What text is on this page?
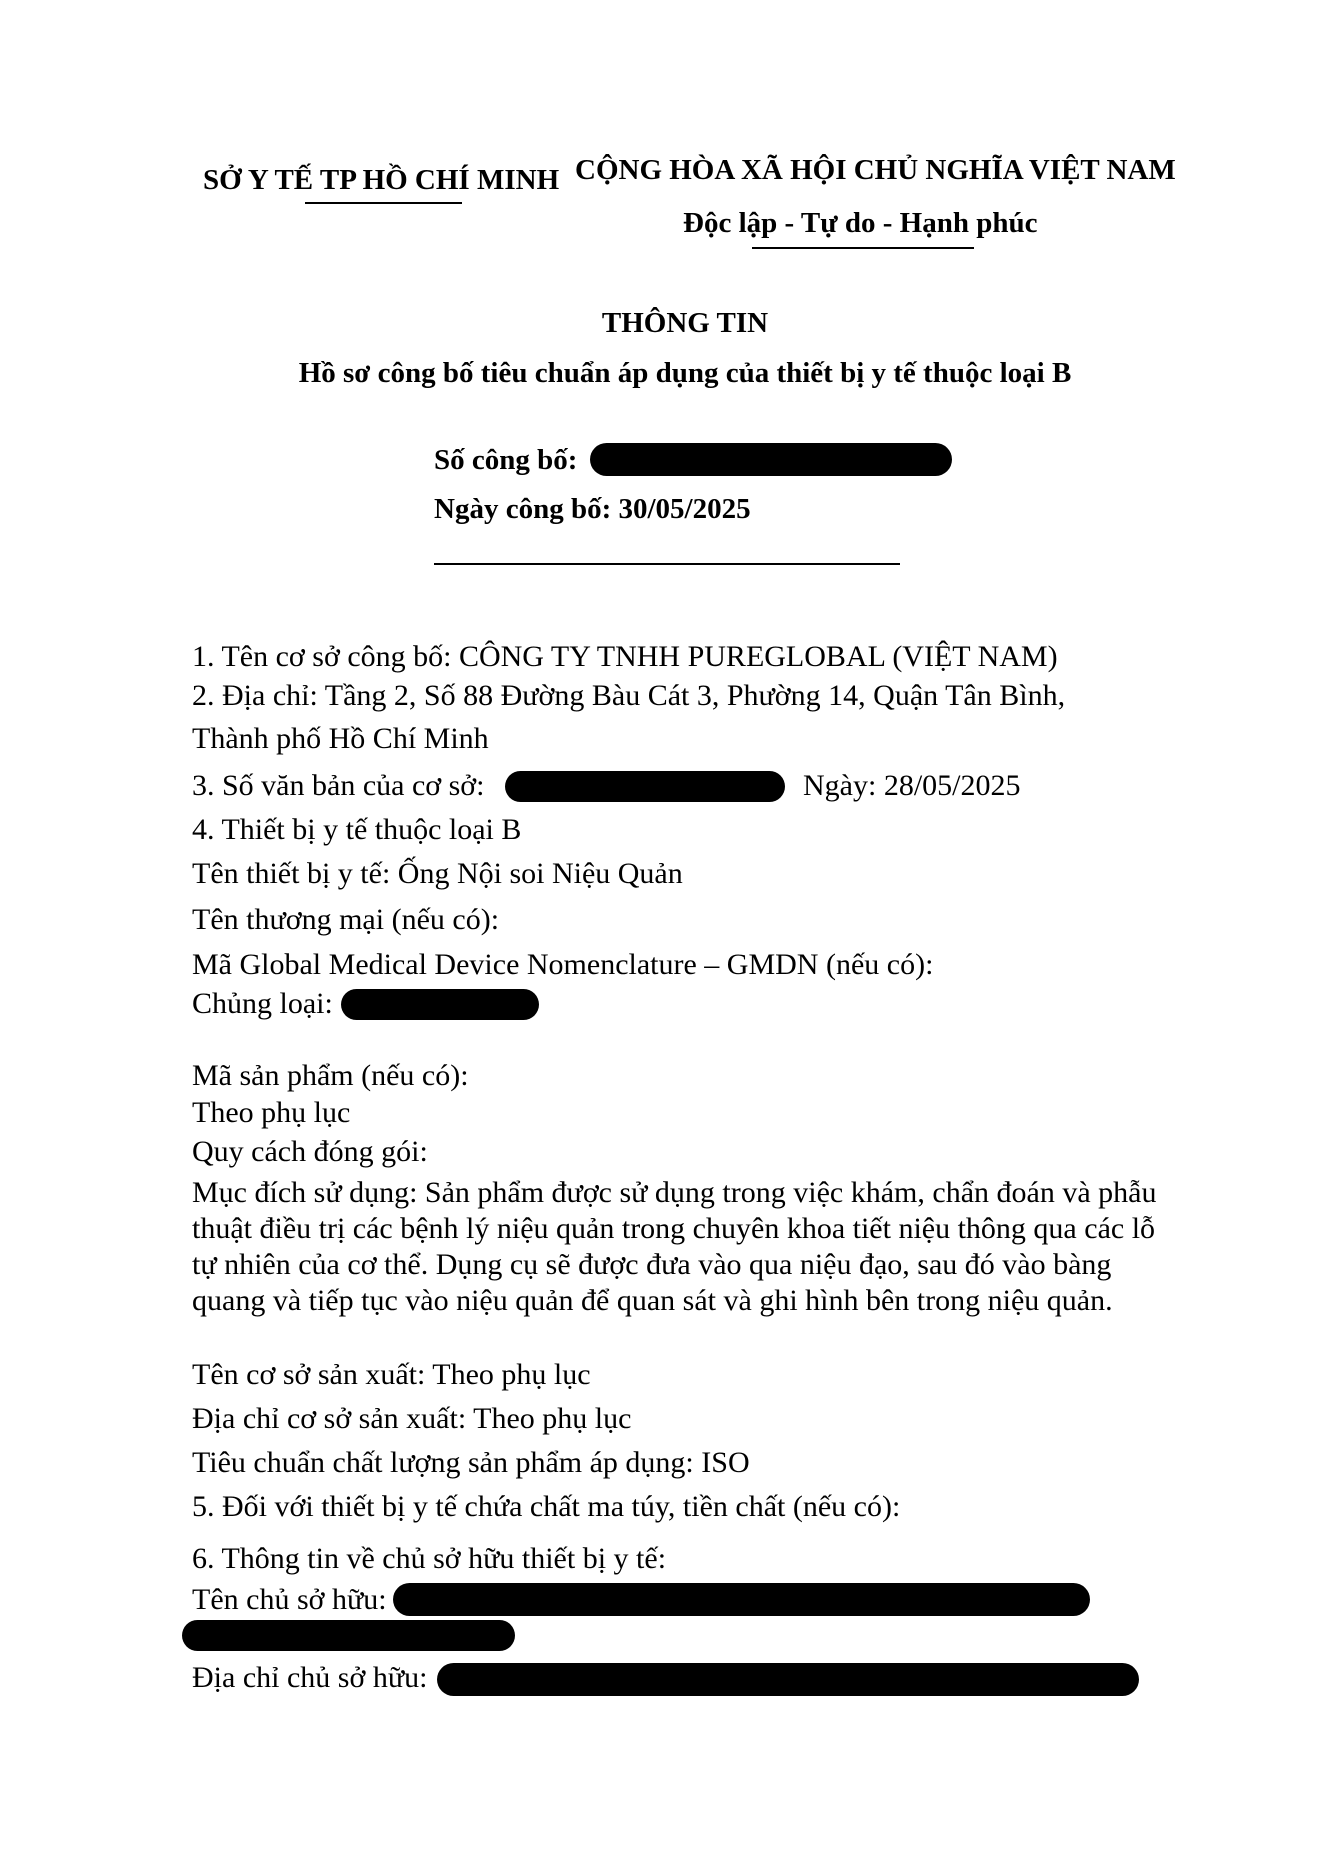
SỞ Y TẾ TP HỒ CHÍ MINH CỘNG HÒA XÃ HỘI CHỦ NGHĨA VIỆT NAM
Độc lập - Tự do - Hạnh phúc
THÔNG TIN
Hồ sơ công bố tiêu chuẩn áp dụng của thiết bị y tế thuộc loại B
Số công bố:
Ngày công bố: 30/05/2025
1. Tên cơ sở công bố: CÔNG TY TNHH PUREGLOBAL (VIỆT NAM)
2. Địa chỉ: Tầng 2, Số 88 Đường Bàu Cát 3, Phường 14, Quận Tân Bình,
Thành phố Hồ Chí Minh
3. Số văn bản của cơ sở:	Ngày: 28/05/2025
4. Thiết bị y tế thuộc loại B
Tên thiết bị y tế: Ống Nội soi Niệu Quản
Tên thương mại (nếu có):
Mã Global Medical Device Nomenclature – GMDN (nếu có):
Chủng loại:
Mã sản phẩm (nếu có):
Theo phụ lục
Quy cách đóng gói:
Mục đích sử dụng: Sản phẩm được sử dụng trong việc khám, chẩn đoán và phẫu thuật điều trị các bệnh lý niệu quản trong chuyên khoa tiết niệu thông qua các lỗ tự nhiên của cơ thể. Dụng cụ sẽ được đưa vào qua niệu đạo, sau đó vào bàng quang và tiếp tục vào niệu quản để quan sát và ghi hình bên trong niệu quản.
Tên cơ sở sản xuất: Theo phụ lục
Địa chỉ cơ sở sản xuất: Theo phụ lục
Tiêu chuẩn chất lượng sản phẩm áp dụng: ISO
5. Đối với thiết bị y tế chứa chất ma túy, tiền chất (nếu có):
6. Thông tin về chủ sở hữu thiết bị y tế:
Tên chủ sở hữu:
Địa chỉ chủ sở hữu:
